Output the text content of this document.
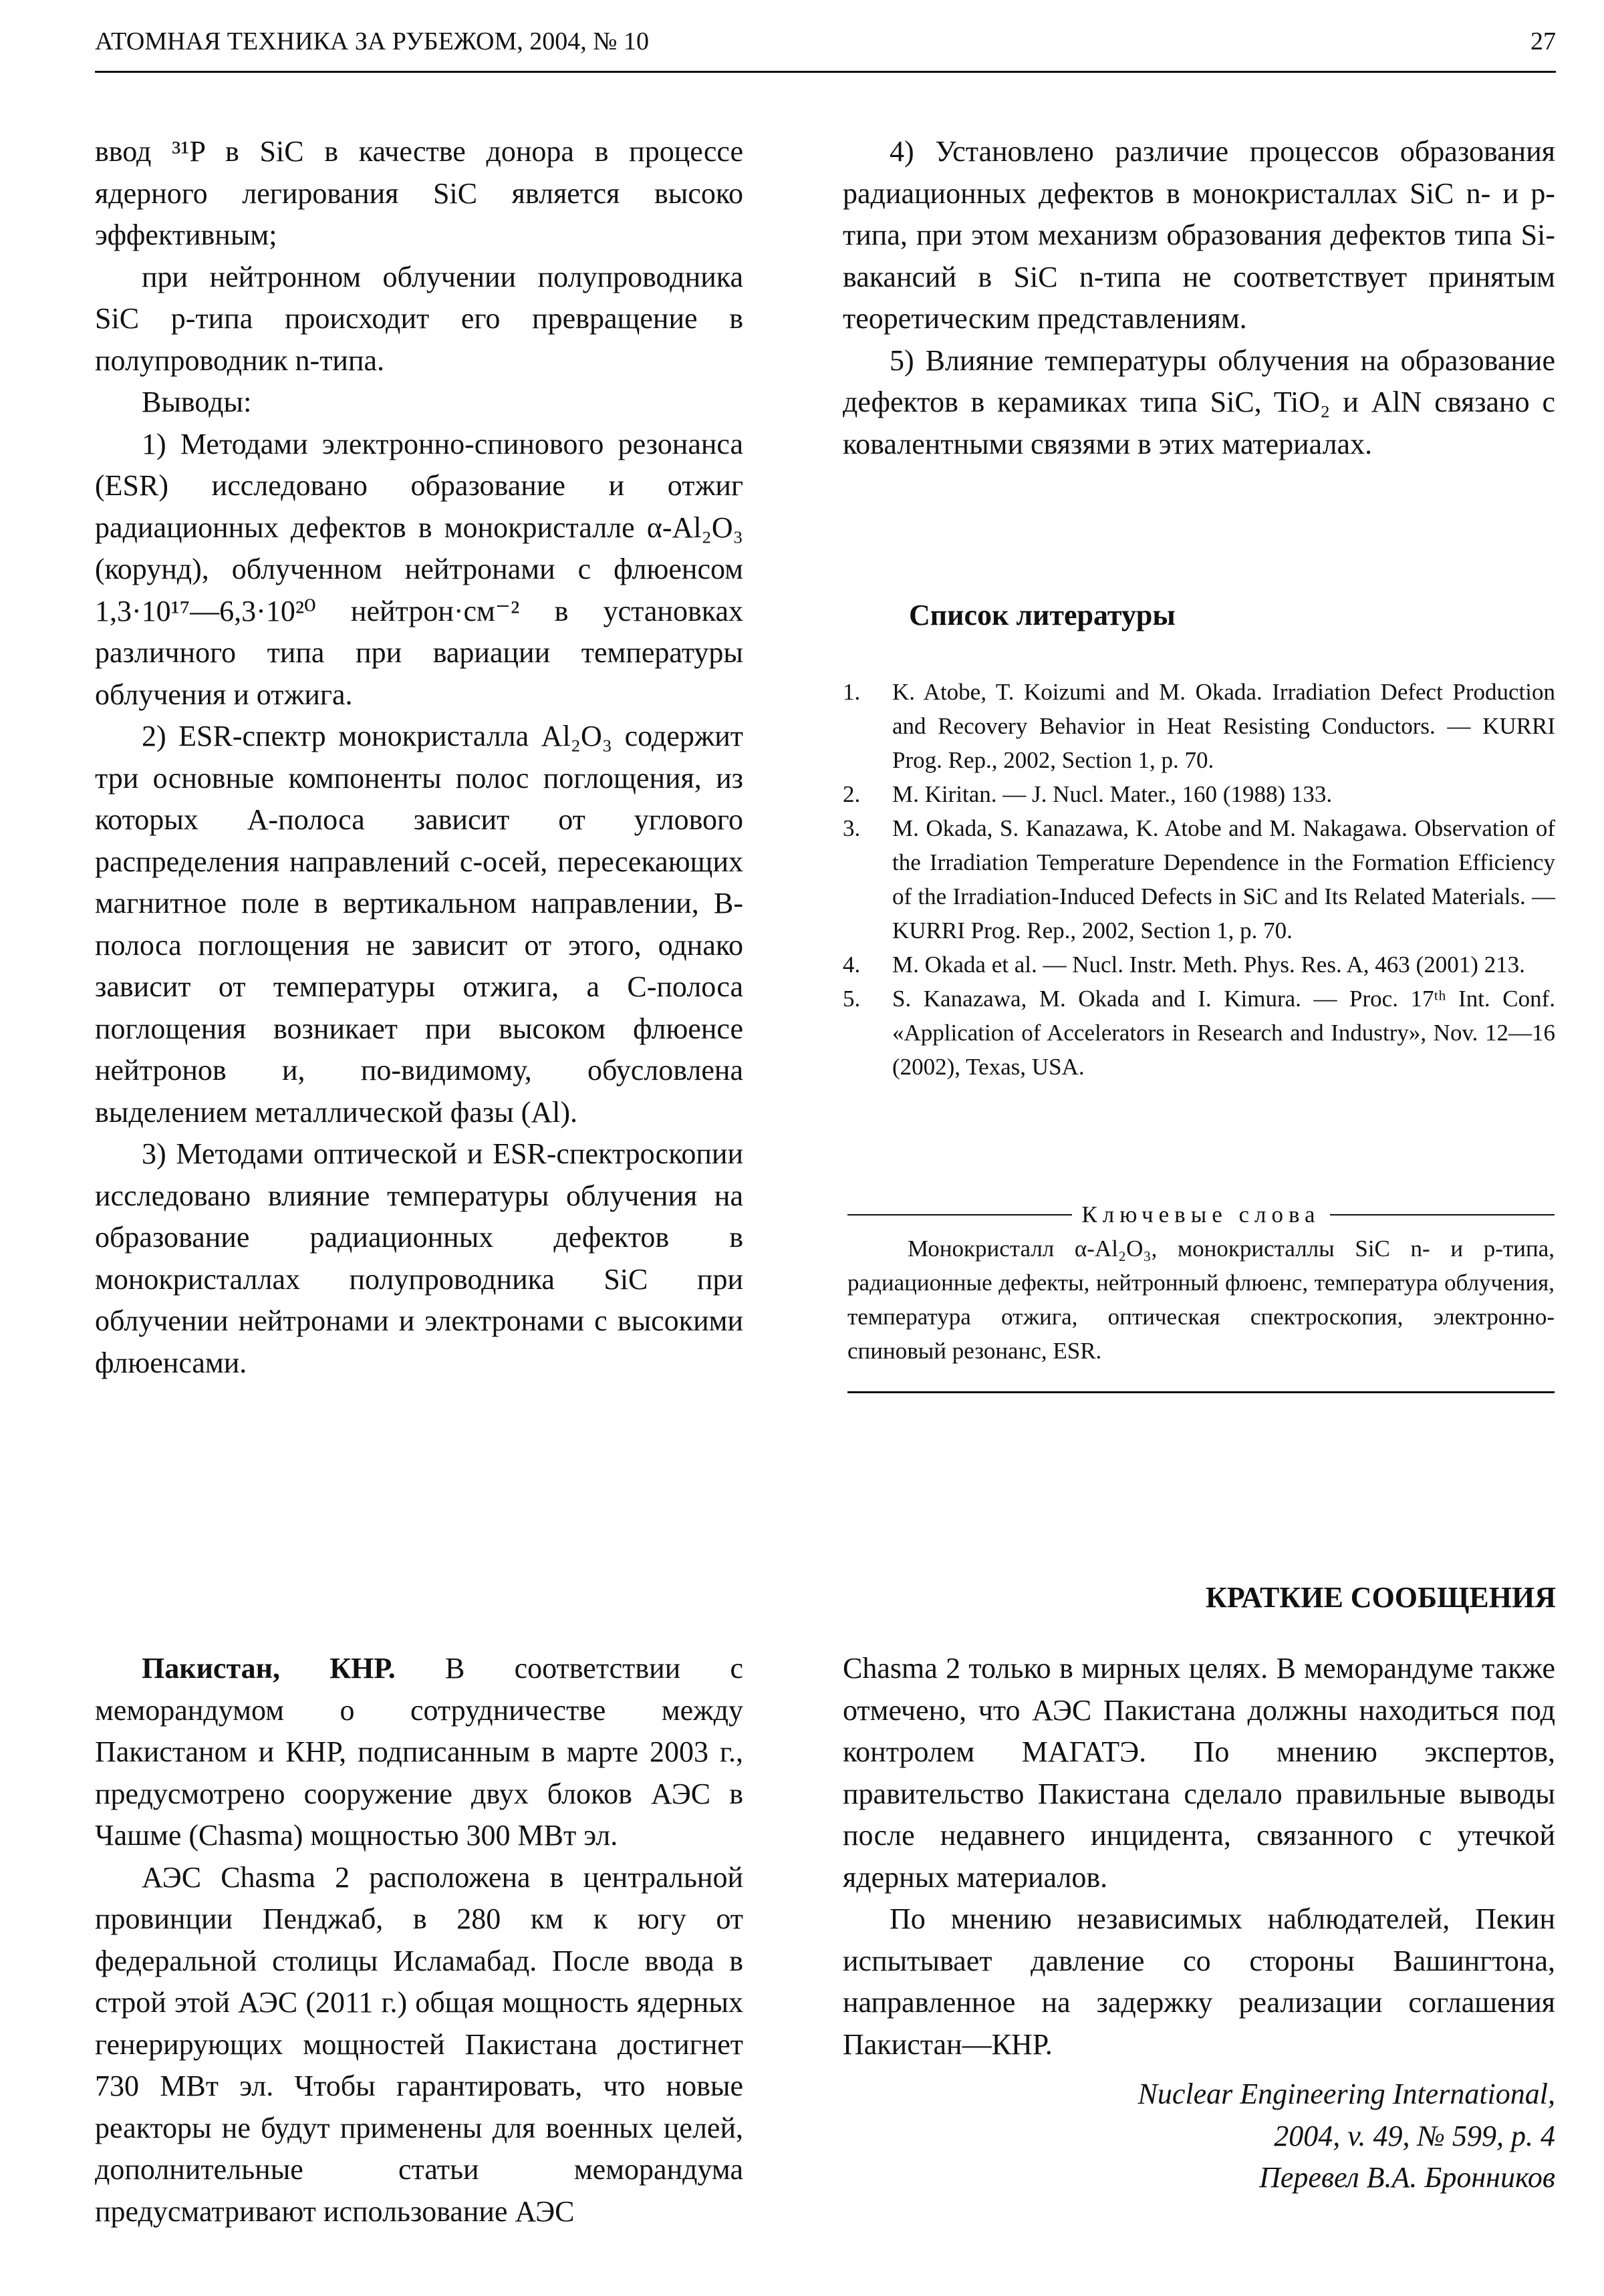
АТОМНАЯ ТЕХНИКА ЗА РУБЕЖОМ, 2004, № 10	27

ввод ³¹P в SiC в качестве донора в процессе ядерного легирования SiC является высоко эффективным;

при нейтронном облучении полупроводника SiC p-типа происходит его превращение в полупроводник n-типа.

Выводы:

1) Методами электронно-спинового резонанса (ESR) исследовано образование и отжиг радиационных дефектов в монокристалле α-Al₂O₃ (корунд), облученном нейтронами с флюенсом 1,3·10¹⁷—6,3·10²⁰ нейтрон·см⁻² в установках различного типа при вариации температуры облучения и отжига.

2) ESR-спектр монокристалла Al₂O₃ содержит три основные компоненты полос поглощения, из которых A-полоса зависит от углового распределения направлений c-осей, пересекающих магнитное поле в вертикальном направлении, B-полоса поглощения не зависит от этого, однако зависит от температуры отжига, а C-полоса поглощения возникает при высоком флюенсе нейтронов и, по-видимому, обусловлена выделением металлической фазы (Al).

3) Методами оптической и ESR-спектроскопии исследовано влияние температуры облучения на образование радиационных дефектов в монокристаллах полупроводника SiC при облучении нейтронами и электронами с высокими флюенсами.

4) Установлено различие процессов образования радиационных дефектов в монокристаллах SiC n- и p-типа, при этом механизм образования дефектов типа Si-вакансий в SiC n-типа не соответствует принятым теоретическим представлениям.

5) Влияние температуры облучения на образование дефектов в керамиках типа SiC, TiO₂ и AlN связано с ковалентными связями в этих материалах.

Список литературы
1.	K. Atobe, T. Koizumi and M. Okada. Irradiation Defect Production and Recovery Behavior in Heat Resisting Conductors. — KURRI Prog. Rep., 2002, Section 1, p. 70.
2.	M. Kiritan. — J. Nucl. Mater., 160 (1988) 133.
3.	M. Okada, S. Kanazawa, K. Atobe and M. Nakagawa. Observation of the Irradiation Temperature Dependence in the Formation Efficiency of the Irradiation-Induced Defects in SiC and Its Related Materials. — KURRI Prog. Rep., 2002, Section 1, p. 70.
4.	M. Okada et al. — Nucl. Instr. Meth. Phys. Res. A, 463 (2001) 213.
5.	S. Kanazawa, M. Okada and I. Kimura. — Proc. 17ᵗʰ Int. Conf. «Application of Accelerators in Research and Industry», Nov. 12—16 (2002), Texas, USA.
Ключевые слова

Монокристалл α-Al₂O₃, монокристаллы SiC n- и p-типа, радиационные дефекты, нейтронный флюенс, температура облучения, температура отжига, оптическая спектроскопия, электронно-спиновый резонанс, ESR.

КРАТКИЕ СООБЩЕНИЯ

Пакистан, КНР. В соответствии с меморандумом о сотрудничестве между Пакистаном и КНР, подписанным в марте 2003 г., предусмотрено сооружение двух блоков АЭС в Чашме (Chasma) мощностью 300 МВт эл.

АЭС Chasma 2 расположена в центральной провинции Пенджаб, в 280 км к югу от федеральной столицы Исламабад. После ввода в строй этой АЭС (2011 г.) общая мощность ядерных генерирующих мощностей Пакистана достигнет 730 МВт эл. Чтобы гарантировать, что новые реакторы не будут применены для военных целей, дополнительные статьи меморандума предусматривают использование АЭС

Chasma 2 только в мирных целях. В меморандуме также отмечено, что АЭС Пакистана должны находиться под контролем МАГАТЭ. По мнению экспертов, правительство Пакистана сделало правильные выводы после недавнего инцидента, связанного с утечкой ядерных материалов.

По мнению независимых наблюдателей, Пекин испытывает давление со стороны Вашингтона, направленное на задержку реализации соглашения Пакистан—КНР.

Nuclear Engineering International,
2004, v. 49, № 599, p. 4
Перевел В.А. Бронников
